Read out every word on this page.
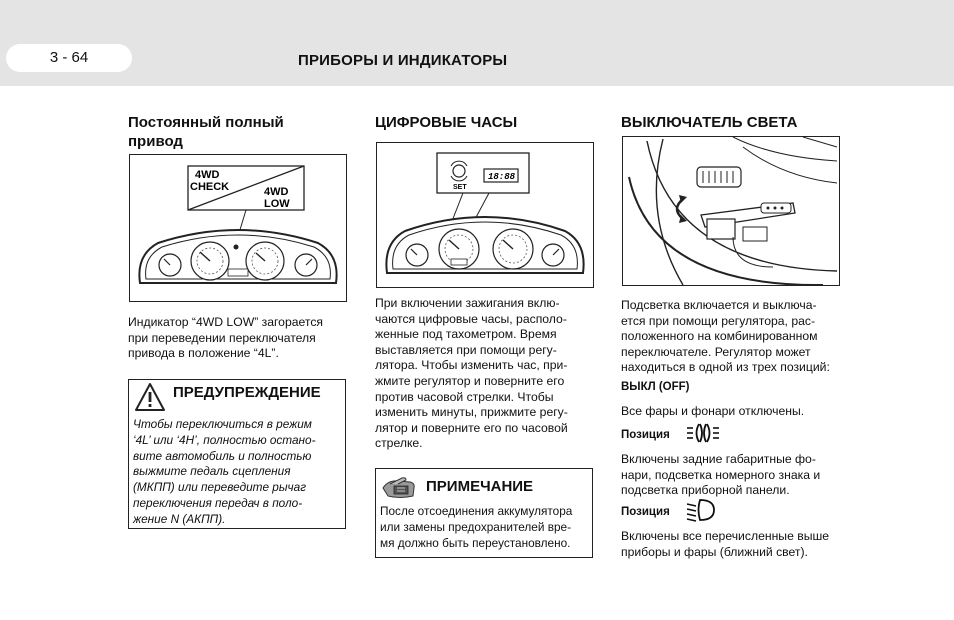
3 - 64	ПРИБОРЫ И ИНДИКАТОРЫ
Постоянный полный
привод
4WD
CHECK	4WD
LOW
Индикатор “4WD LOW” загорается
при переведении переключателя
привода в положение “4L”.
ПРЕДУПРЕЖДЕНИЕ
Чтобы переключиться в режим
‘4L’ или ‘4H’, полностью остано-
вите автомобиль и полностью
выжмите педаль сцепления
(МКПП) или переведите рычаг
переключения передач в поло-
жение N (АКПП).
ЦИФРОВЫЕ ЧАСЫ
SET
18:88
При включении зажигания вклю-
чаются цифровые часы, располо-
женные под тахометром. Время
выставляется при помощи регу-
лятора. Чтобы изменить час, при-
жмите регулятор и поверните его
против часовой стрелки. Чтобы
изменить минуты, прижмите регу-
лятор и поверните его по часовой
стрелке.
ПРИМЕЧАНИЕ
После отсоединения аккумулятора
или замены предохранителей вре-
мя должно быть переустановлено.
ВЫКЛЮЧАТЕЛЬ СВЕТА
Подсветка включается и выключа-
ется при помощи регулятора, рас-
положенного на комбинированном
переключателе. Регулятор может
находиться в одной из трех позиций:
ВЫКЛ (OFF)
Все фары и фонари отключены.
Позиция
Включены задние габаритные фо-
нари, подсветка номерного знака и
подсветка приборной панели.
Позиция
Включены все перечисленные выше
приборы и фары (ближний свет).
